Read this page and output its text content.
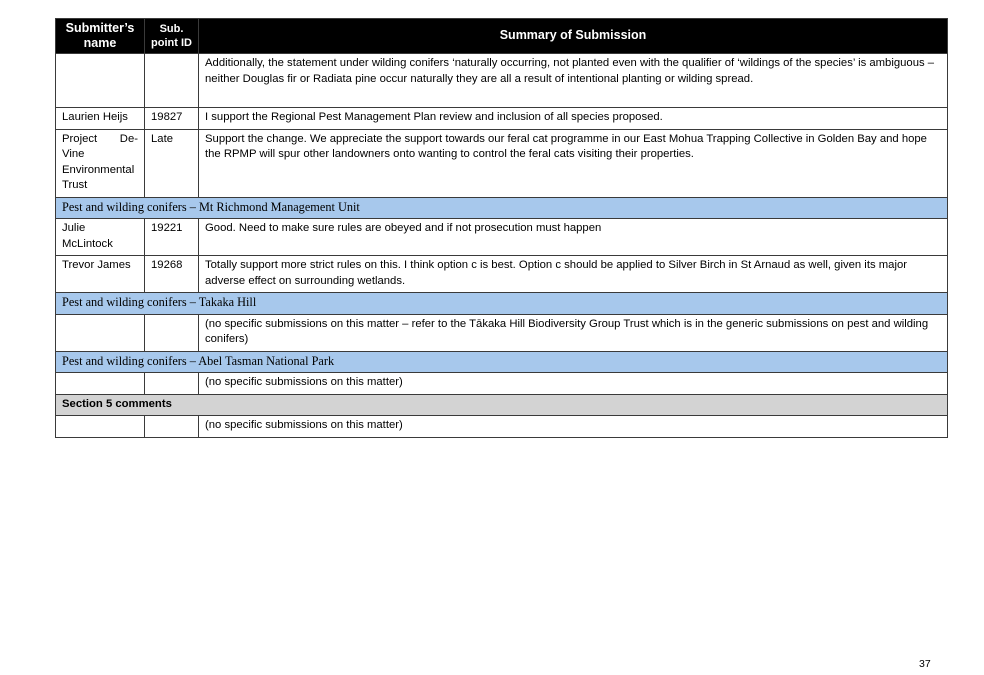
Submitter’s name	Sub. point ID	Summary of Submission
		Additionally, the statement under wilding conifers ‘naturally occurring, not planted even with the qualifier of ‘wildings of the species’ is ambiguous – neither Douglas fir or Radiata pine occur naturally they are all a result of intentional planting or wilding spread.
Laurien Heijs	19827	I support the Regional Pest Management Plan review and inclusion of all species proposed.
Project De-Vine Environmental Trust	Late	Support the change. We appreciate the support towards our feral cat programme in our East Mohua Trapping Collective in Golden Bay and hope the RPMP will spur other landowners onto wanting to control the feral cats visiting their properties.
Pest and wilding conifers – Mt Richmond Management Unit		
Julie McLintock	19221	Good. Need to make sure rules are obeyed and if not prosecution must happen
Trevor James	19268	Totally support more strict rules on this. I think option c is best. Option c should be applied to Silver Birch in St Arnaud as well, given its major adverse effect on surrounding wetlands.
Pest and wilding conifers – Takaka Hill		
		(no specific submissions on this matter – refer to the Tākaka Hill Biodiversity Group Trust which is in the generic submissions on pest and wilding conifers)
Pest and wilding conifers – Abel Tasman National Park		
		(no specific submissions on this matter)
Section 5 comments		
		(no specific submissions on this matter)
37
